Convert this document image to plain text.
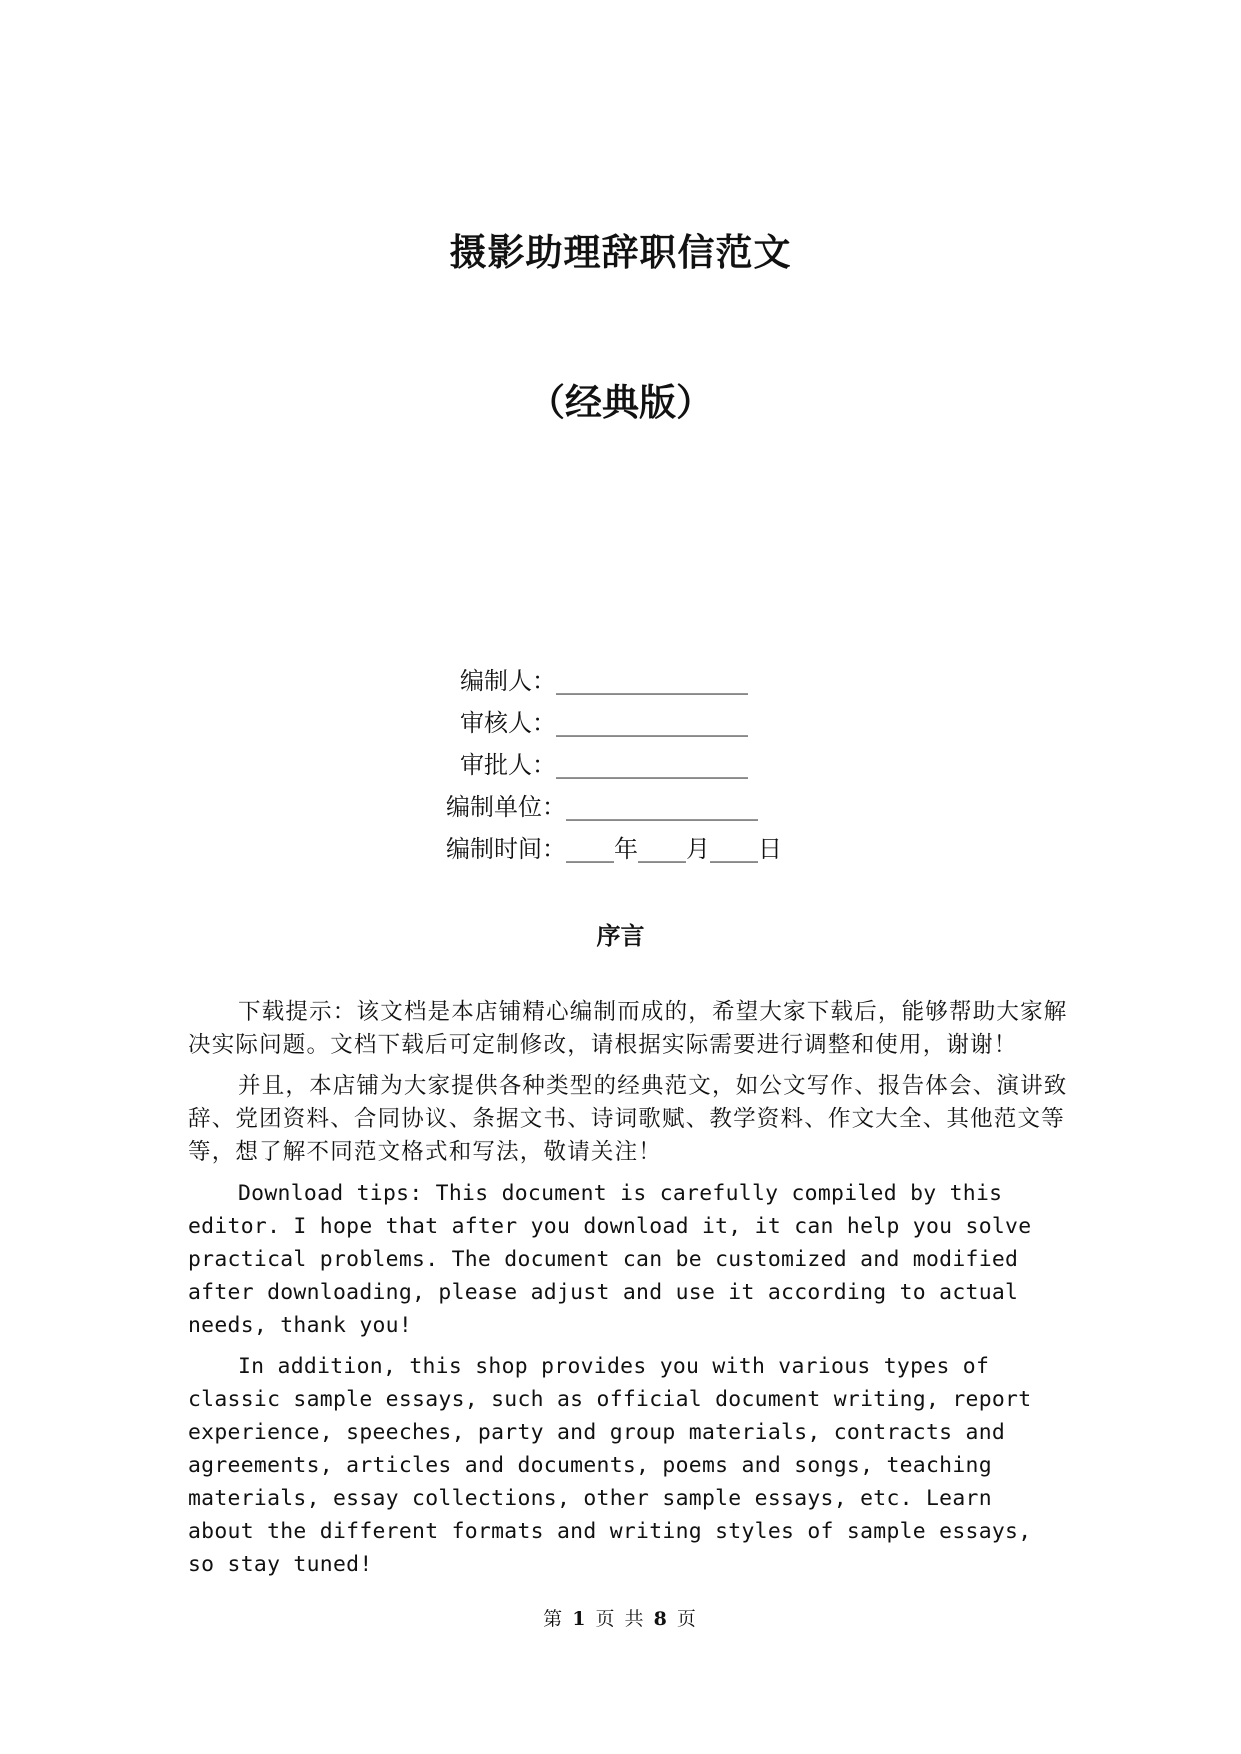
摄影助理辞职信范文
（经典版）
编制人：________________
审核人：________________
审批人：________________
编制单位：________________
编制时间：____年____月____日
序言

下载提示：该文档是本店铺精心编制而成的，希望大家下载后，能够帮助大家解决实际问题。文档下载后可定制修改，请根据实际需要进行调整和使用，谢谢！

并且，本店铺为大家提供各种类型的经典范文，如公文写作、报告体会、演讲致辞、党团资料、合同协议、条据文书、诗词歌赋、教学资料、作文大全、其他范文等等，想了解不同范文格式和写法，敬请关注！

Download tips: This document is carefully compiled by this editor. I hope that after you download it, it can help you solve practical problems. The document can be customized and modified after downloading, please adjust and use it according to actual needs, thank you!

In addition, this shop provides you with various types of classic sample essays, such as official document writing, report experience, speeches, party and group materials, contracts and agreements, articles and documents, poems and songs, teaching materials, essay collections, other sample essays, etc. Learn about the different formats and writing styles of sample essays, so stay tuned!

第 1 页 共 8 页
